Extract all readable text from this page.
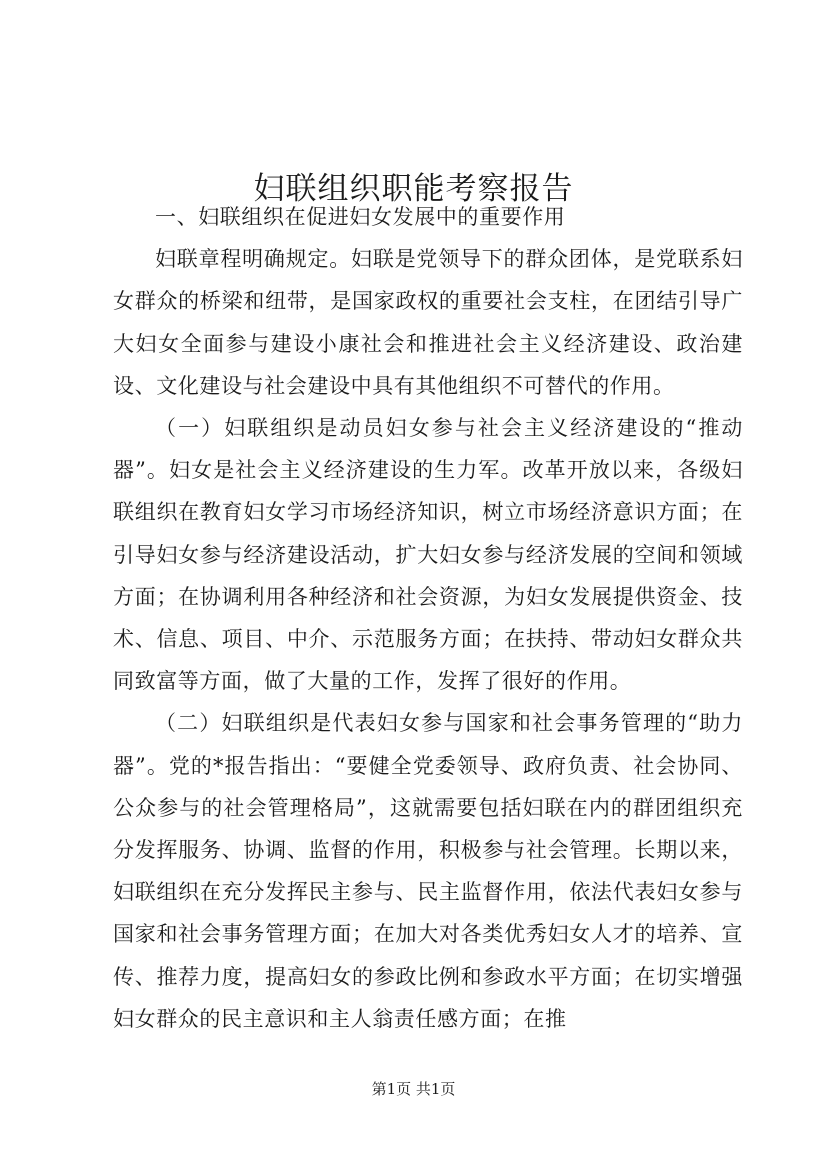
妇联组织职能考察报告

一、妇联组织在促进妇女发展中的重要作用

妇联章程明确规定。妇联是党领导下的群众团体，是党联系妇女群众的桥梁和纽带，是国家政权的重要社会支柱，在团结引导广大妇女全面参与建设小康社会和推进社会主义经济建设、政治建设、文化建设与社会建设中具有其他组织不可替代的作用。

（一）妇联组织是动员妇女参与社会主义经济建设的“推动器”。妇女是社会主义经济建设的生力军。改革开放以来，各级妇联组织在教育妇女学习市场经济知识，树立市场经济意识方面；在引导妇女参与经济建设活动，扩大妇女参与经济发展的空间和领域方面；在协调利用各种经济和社会资源，为妇女发展提供资金、技术、信息、项目、中介、示范服务方面；在扶持、带动妇女群众共同致富等方面，做了大量的工作，发挥了很好的作用。

（二）妇联组织是代表妇女参与国家和社会事务管理的“助力器”。党的*报告指出：“要健全党委领导、政府负责、社会协同、公众参与的社会管理格局”，这就需要包括妇联在内的群团组织充分发挥服务、协调、监督的作用，积极参与社会管理。长期以来，妇联组织在充分发挥民主参与、民主监督作用，依法代表妇女参与国家和社会事务管理方面；在加大对各类优秀妇女人才的培养、宣传、推荐力度，提高妇女的参政比例和参政水平方面；在切实增强妇女群众的民主意识和主人翁责任感方面；在推

第1页 共1页
